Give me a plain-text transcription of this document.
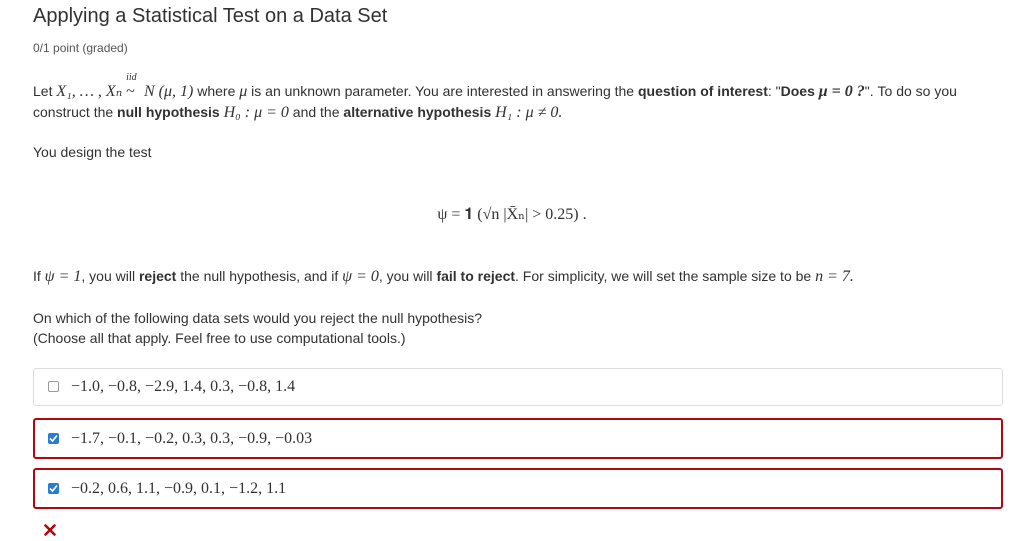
Applying a Statistical Test on a Data Set
0/1 point (graded)
Let X₁, … , Xₙ
iid
~ N (μ, 1) where μ is an unknown parameter. You are interested in answering the question of interest: "Does μ = 0 ?". To do so you construct the null hypothesis H₀ : μ = 0 and the alternative hypothesis H₁ : μ ≠ 0.
You design the test
ψ = 𝟏 (√n |X̄ₙ| > 0.25) .
If ψ = 1, you will reject the null hypothesis, and if ψ = 0, you will fail to reject. For simplicity, we will set the sample size to be n = 7.
On which of the following data sets would you reject the null hypothesis?
(Choose all that apply. Feel free to use computational tools.)
−1.0, −0.8, −2.9, 1.4, 0.3, −0.8, 1.4
−1.7, −0.1, −0.2, 0.3, 0.3, −0.9, −0.03
−0.2, 0.6, 1.1, −0.9, 0.1, −1.2, 1.1
